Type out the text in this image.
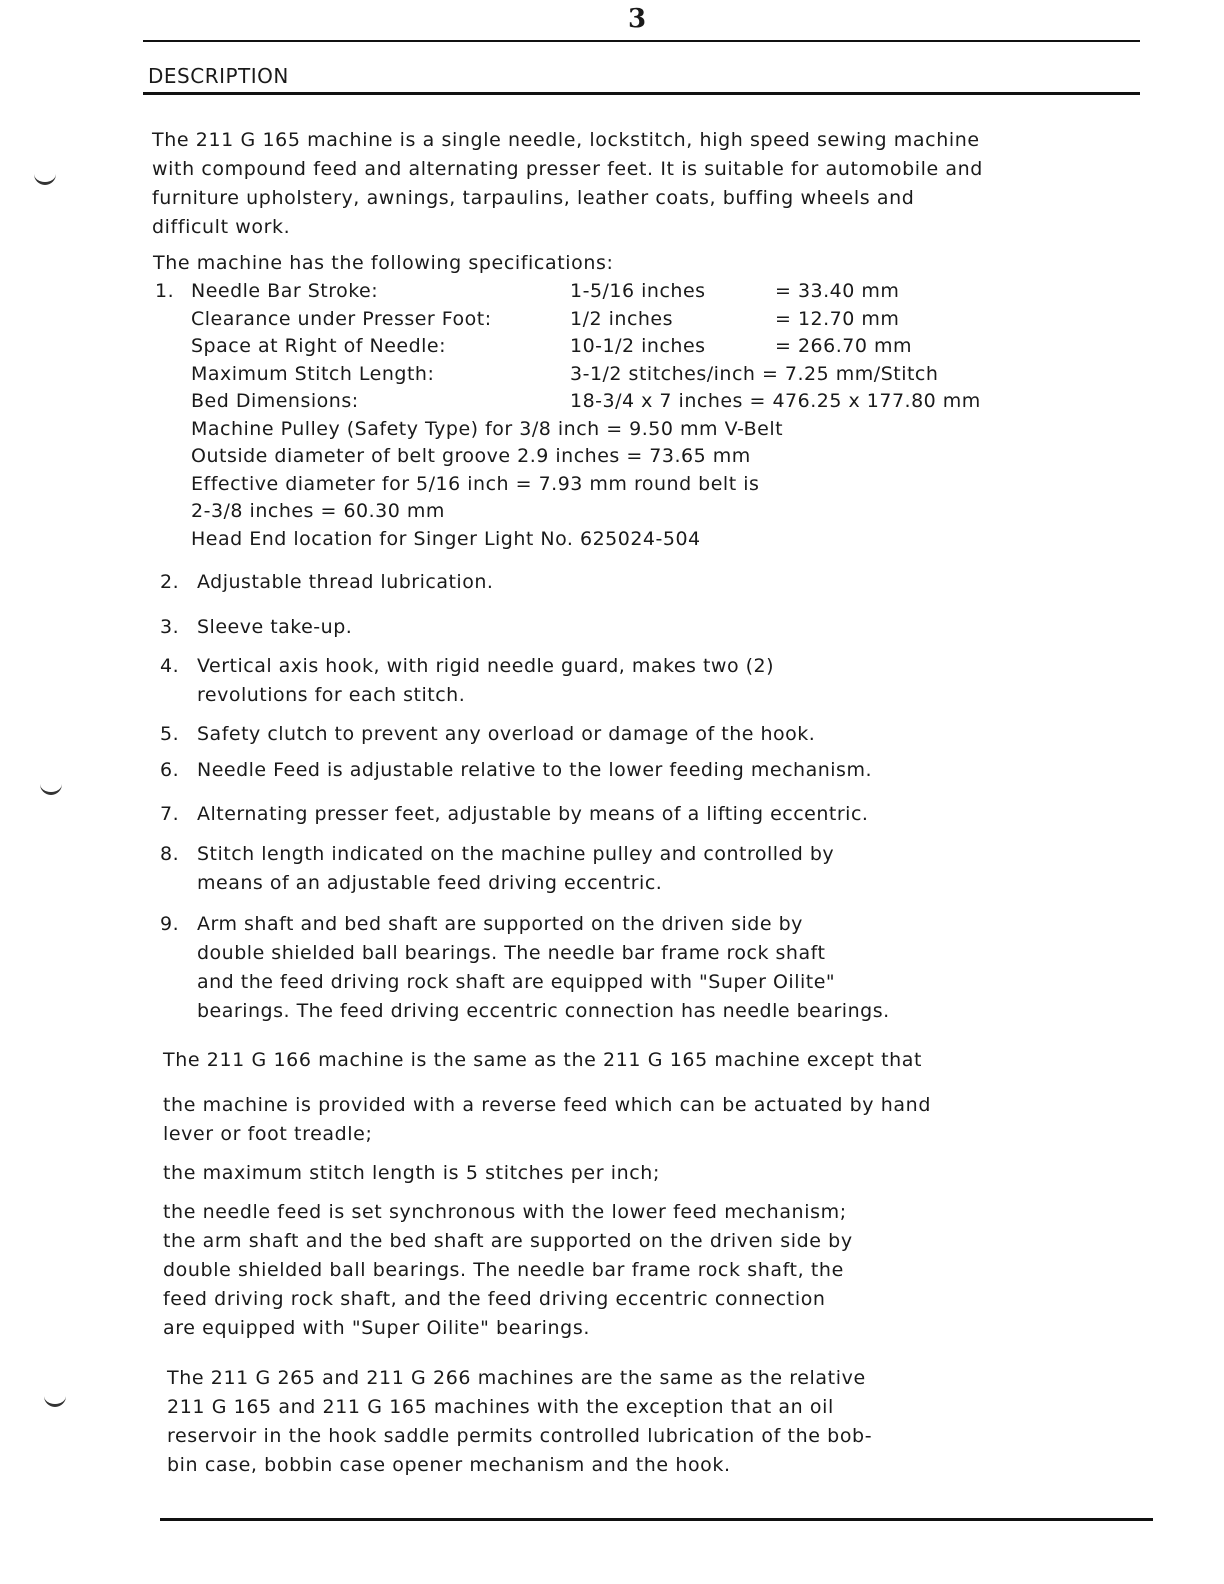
3
DESCRIPTION

The 211 G 165 machine is a single needle, lockstitch, high speed sewing machine

with compound feed and alternating presser feet. It is suitable for automobile and

furniture upholstery, awnings, tarpaulins, leather coats, buffing wheels and

difficult work.

The machine has the following specifications:
1. Needle Bar Stroke:	1-5/16 inches	= 33.40 mm
Clearance under Presser Foot:	1/2 inches	= 12.70 mm
Space at Right of Needle:	10-1/2 inches	= 266.70 mm
Maximum Stitch Length:	3-1/2 stitches/inch = 7.25 mm/Stitch
Bed Dimensions:	18-3/4 x 7 inches = 476.25 x 177.80 mm
Machine Pulley (Safety Type) for 3/8 inch = 9.50 mm V-Belt
Outside diameter of belt groove 2.9 inches = 73.65 mm
Effective diameter for 5/16 inch = 7.93 mm round belt is
2-3/8 inches = 60.30 mm
Head End location for Singer Light No. 625024-504
2. Adjustable thread lubrication.
3. Sleeve take-up.
4. Vertical axis hook, with rigid needle guard, makes two (2)
revolutions for each stitch.
5. Safety clutch to prevent any overload or damage of the hook.
6. Needle Feed is adjustable relative to the lower feeding mechanism.
7. Alternating presser feet, adjustable by means of a lifting eccentric.
8. Stitch length indicated on the machine pulley and controlled by
means of an adjustable feed driving eccentric.
9. Arm shaft and bed shaft are supported on the driven side by
double shielded ball bearings. The needle bar frame rock shaft
and the feed driving rock shaft are equipped with "Super Oilite"
bearings. The feed driving eccentric connection has needle bearings.

The 211 G 166 machine is the same as the 211 G 165 machine except that

the machine is provided with a reverse feed which can be actuated by hand

lever or foot treadle;

the maximum stitch length is 5 stitches per inch;

the needle feed is set synchronous with the lower feed mechanism;

the arm shaft and the bed shaft are supported on the driven side by

double shielded ball bearings. The needle bar frame rock shaft, the

feed driving rock shaft, and the feed driving eccentric connection

are equipped with "Super Oilite" bearings.

The 211 G 265 and 211 G 266 machines are the same as the relative

211 G 165 and 211 G 165 machines with the exception that an oil

reservoir in the hook saddle permits controlled lubrication of the bob-

bin case, bobbin case opener mechanism and the hook.
